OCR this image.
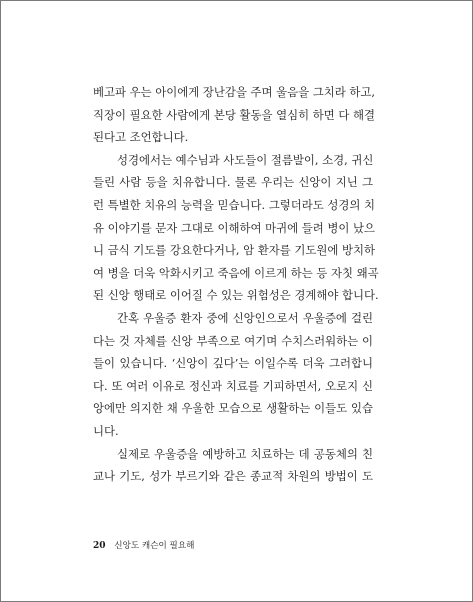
베고파 우는 아이에게 장난감을 주며 울음을 그치라 하고,
직장이 필요한 사람에게 본당 활동을 열심히 하면 다 해결
된다고 조언합니다.
성경에서는 예수님과 사도들이 절름발이, 소경, 귀신
들린 사람 등을 치유합니다. 물론 우리는 신앙이 지닌 그
런 특별한 치유의 능력을 믿습니다. 그렇더라도 성경의 치
유 이야기를 문자 그대로 이해하여 마귀에 들려 병이 났으
니 금식 기도를 강요한다거나, 암 환자를 기도원에 방치하
여 병을 더욱 악화시키고 죽음에 이르게 하는 등 자칫 왜곡
된 신앙 행태로 이어질 수 있는 위험성은 경계해야 합니다.
간혹 우울증 환자 중에 신앙인으로서 우울증에 걸린
다는 것 자체를 신앙 부족으로 여기며 수치스러워하는 이
들이 있습니다. ‘신앙이 깊다’는 이일수록 더욱 그러합니
다. 또 여러 이유로 정신과 치료를 기피하면서, 오로지 신
앙에만 의지한 채 우울한 모습으로 생활하는 이들도 있습
니다.
실제로 우울증을 예방하고 치료하는 데 공동체의 친
교나 기도, 성가 부르기와 같은 종교적 차원의 방법이 도
20 신앙도 캐슨이 필요해
